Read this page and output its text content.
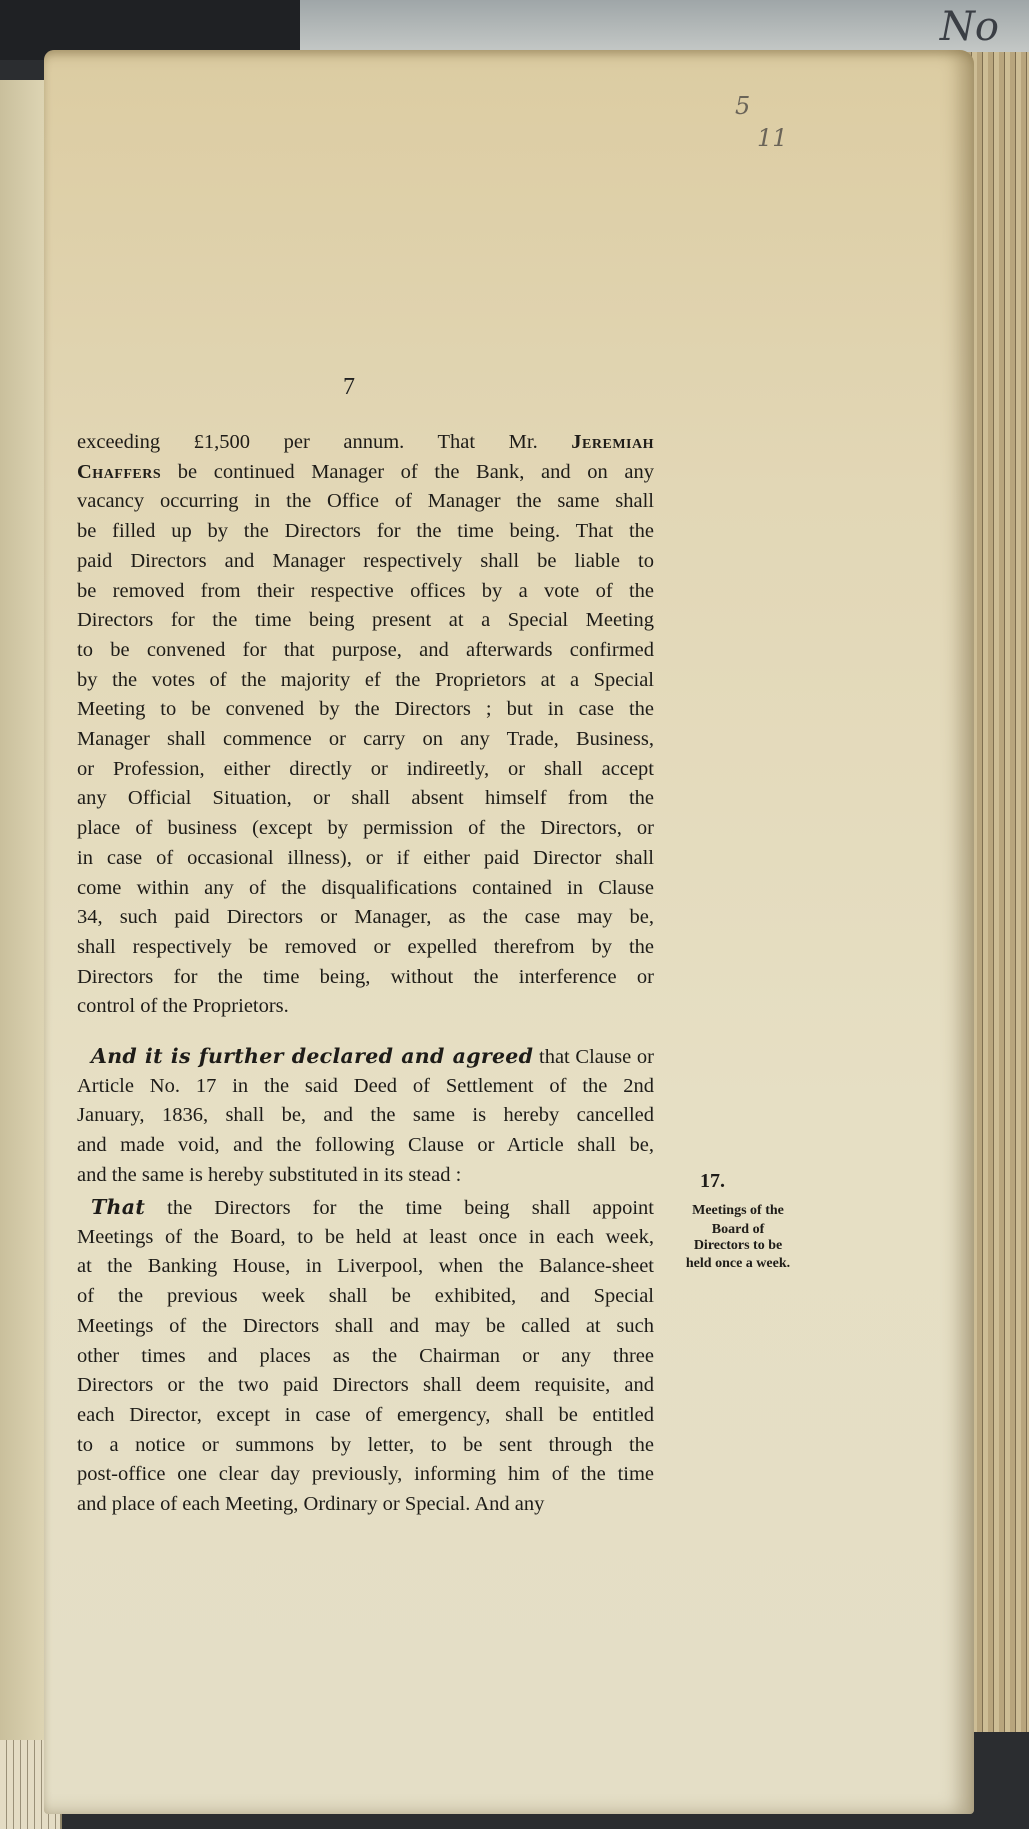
No
5
11
7
exceeding £1,500 per annum. That Mr. Jeremiah
Chaffers be continued Manager of the Bank, and on any
vacancy occurring in the Office of Manager the same shall
be filled up by the Directors for the time being. That the
paid Directors and Manager respectively shall be liable to
be removed from their respective offices by a vote of the
Directors for the time being present at a Special Meeting
to be convened for that purpose, and afterwards confirmed
by the votes of the majority ef the Proprietors at a Special
Meeting to be convened by the Directors ; but in case the
Manager shall commence or carry on any Trade, Business,
or Profession, either directly or indireetly, or shall accept
any Official Situation, or shall absent himself from the
place of business (except by permission of the Directors, or
in case of occasional illness), or if either paid Director shall
come within any of the disqualifications contained in Clause
34, such paid Directors or Manager, as the case may be,
shall respectively be removed or expelled therefrom by the
Directors for the time being, without the interference or
control of the Proprietors.
And it is further declared and agreed that Clause or
Article No. 17 in the said Deed of Settlement of the 2nd
January, 1836, shall be, and the same is hereby cancelled
and made void, and the following Clause or Article shall be,
and the same is hereby substituted in its stead :
That the Directors for the time being shall appoint
Meetings of the Board, to be held at least once in each week,
at the Banking House, in Liverpool, when the Balance-sheet
of the previous week shall be exhibited, and Special
Meetings of the Directors shall and may be called at such
other times and places as the Chairman or any three
Directors or the two paid Directors shall deem requisite, and
each Director, except in case of emergency, shall be entitled
to a notice or summons by letter, to be sent through the
post-office one clear day previously, informing him of the time
and place of each Meeting, Ordinary or Special. And any
17.
Meetings of the
Board of
Directors to be
held once a week.
